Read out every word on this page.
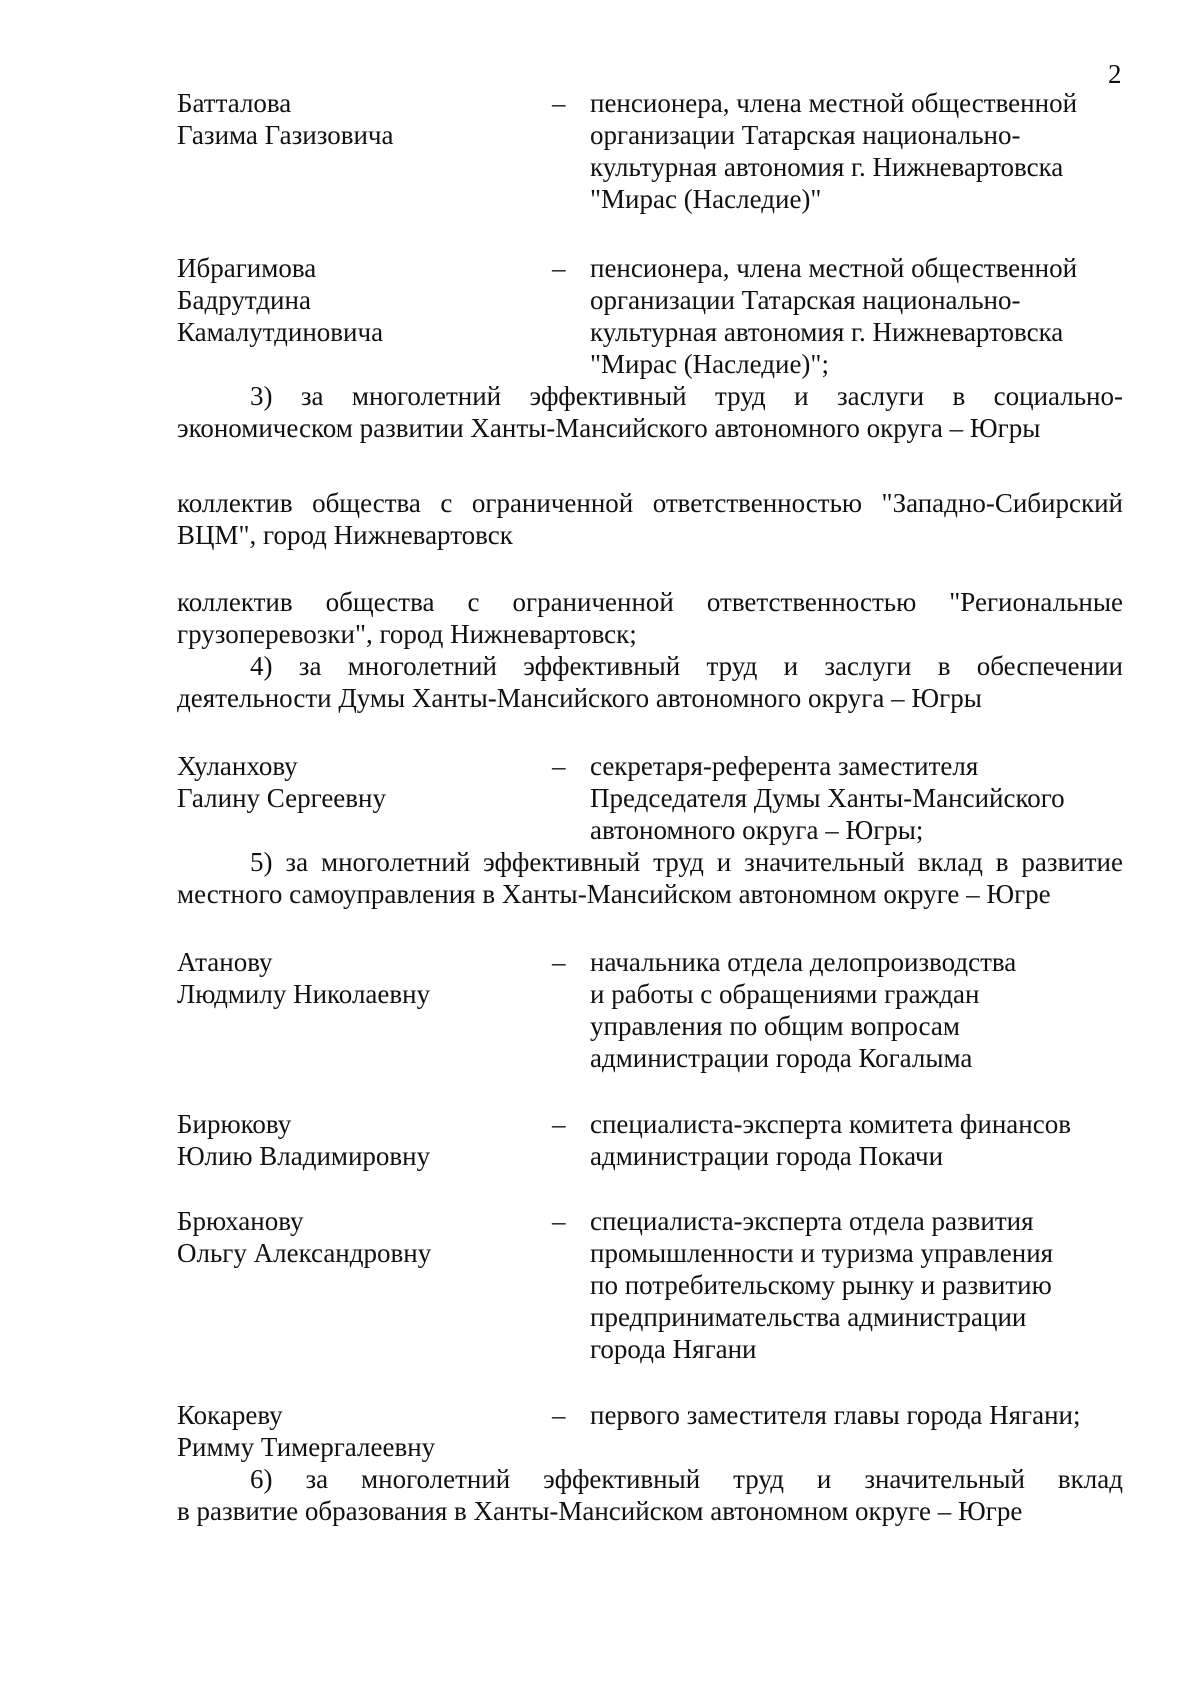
2
Батталова
Газима Газизовича
– пенсионера, члена местной общественной
организации Татарская национально-
культурная автономия г. Нижневартовска
"Мирас (Наследие)"
Ибрагимова
Бадрутдина
Камалутдиновича
– пенсионера, члена местной общественной
организации Татарская национально-
культурная автономия г. Нижневартовска
"Мирас (Наследие)";
3) за многолетний эффективный труд и заслуги в социально-
экономическом развитии Ханты-Мансийского автономного округа – Югры
коллектив общества с ограниченной ответственностью "Западно-Сибирский
ВЦМ", город Нижневартовск
коллектив общества с ограниченной ответственностью "Региональные
грузоперевозки", город Нижневартовск;
4) за многолетний эффективный труд и заслуги в обеспечении
деятельности Думы Ханты-Мансийского автономного округа – Югры
Хуланхову
Галину Сергеевну
– секретаря-референта заместителя
Председателя Думы Ханты-Мансийского
автономного округа – Югры;
5) за многолетний эффективный труд и значительный вклад в развитие
местного самоуправления в Ханты-Мансийском автономном округе – Югре
Атанову
Людмилу Николаевну
– начальника отдела делопроизводства
и работы с обращениями граждан
управления по общим вопросам
администрации города Когалыма
Бирюкову
Юлию Владимировну
– специалиста-эксперта комитета финансов
администрации города Покачи
Брюханову
Ольгу Александровну
– специалиста-эксперта отдела развития
промышленности и туризма управления
по потребительскому рынку и развитию
предпринимательства администрации
города Нягани
Кокареву
Римму Тимергалеевну
– первого заместителя главы города Нягани;
6) за многолетний эффективный труд и значительный вклад
в развитие образования в Ханты-Мансийском автономном округе – Югре
